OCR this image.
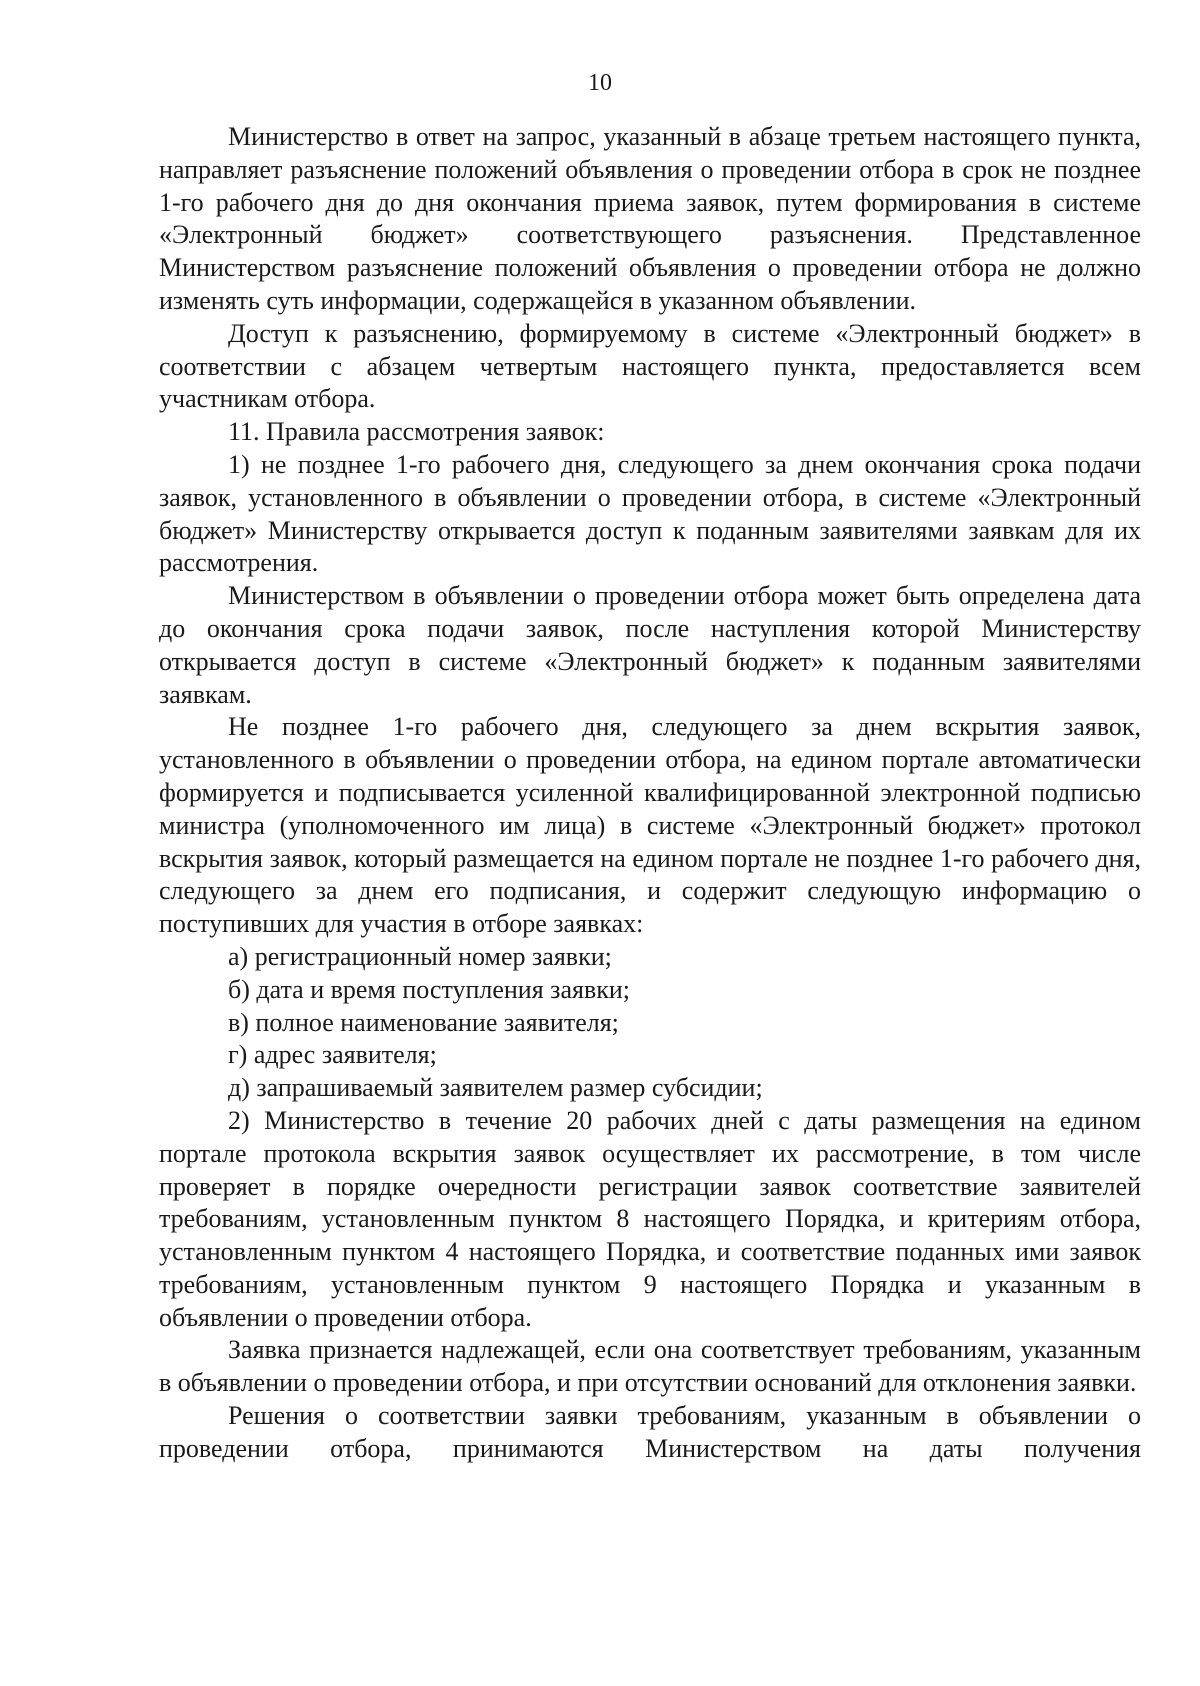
10

Министерство в ответ на запрос, указанный в абзаце третьем настоящего пункта, направляет разъяснение положений объявления о проведении отбора в срок не позднее 1-го рабочего дня до дня окончания приема заявок, путем формирования в системе «Электронный бюджет» соответствующего разъяснения. Представленное Министерством разъяснение положений объявления о проведении отбора не должно изменять суть информации, содержащейся в указанном объявлении.

Доступ к разъяснению, формируемому в системе «Электронный бюджет» в соответствии с абзацем четвертым настоящего пункта, предоставляется всем участникам отбора.

11. Правила рассмотрения заявок:

1) не позднее 1-го рабочего дня, следующего за днем окончания срока подачи заявок, установленного в объявлении о проведении отбора, в системе «Электронный бюджет» Министерству открывается доступ к поданным заявителями заявкам для их рассмотрения.

Министерством в объявлении о проведении отбора может быть определена дата до окончания срока подачи заявок, после наступления которой Министерству открывается доступ в системе «Электронный бюджет» к поданным заявителями заявкам.

Не позднее 1-го рабочего дня, следующего за днем вскрытия заявок, установленного в объявлении о проведении отбора, на едином портале автоматически формируется и подписывается усиленной квалифицированной электронной подписью министра (уполномоченного им лица) в системе «Электронный бюджет» протокол вскрытия заявок, который размещается на едином портале не позднее 1-го рабочего дня, следующего за днем его подписания, и содержит следующую информацию о поступивших для участия в отборе заявках:

а) регистрационный номер заявки;

б) дата и время поступления заявки;

в) полное наименование заявителя;

г) адрес заявителя;

д) запрашиваемый заявителем размер субсидии;

2) Министерство в течение 20 рабочих дней с даты размещения на едином портале протокола вскрытия заявок осуществляет их рассмотрение, в том числе проверяет в порядке очередности регистрации заявок соответствие заявителей требованиям, установленным пунктом 8 настоящего Порядка, и критериям отбора, установленным пунктом 4 настоящего Порядка, и соответствие поданных ими заявок требованиям, установленным пунктом 9 настоящего Порядка и указанным в объявлении о проведении отбора.

Заявка признается надлежащей, если она соответствует требованиям, указанным в объявлении о проведении отбора, и при отсутствии оснований для отклонения заявки.

Решения о соответствии заявки требованиям, указанным в объявлении о проведении отбора, принимаются Министерством на даты получения
